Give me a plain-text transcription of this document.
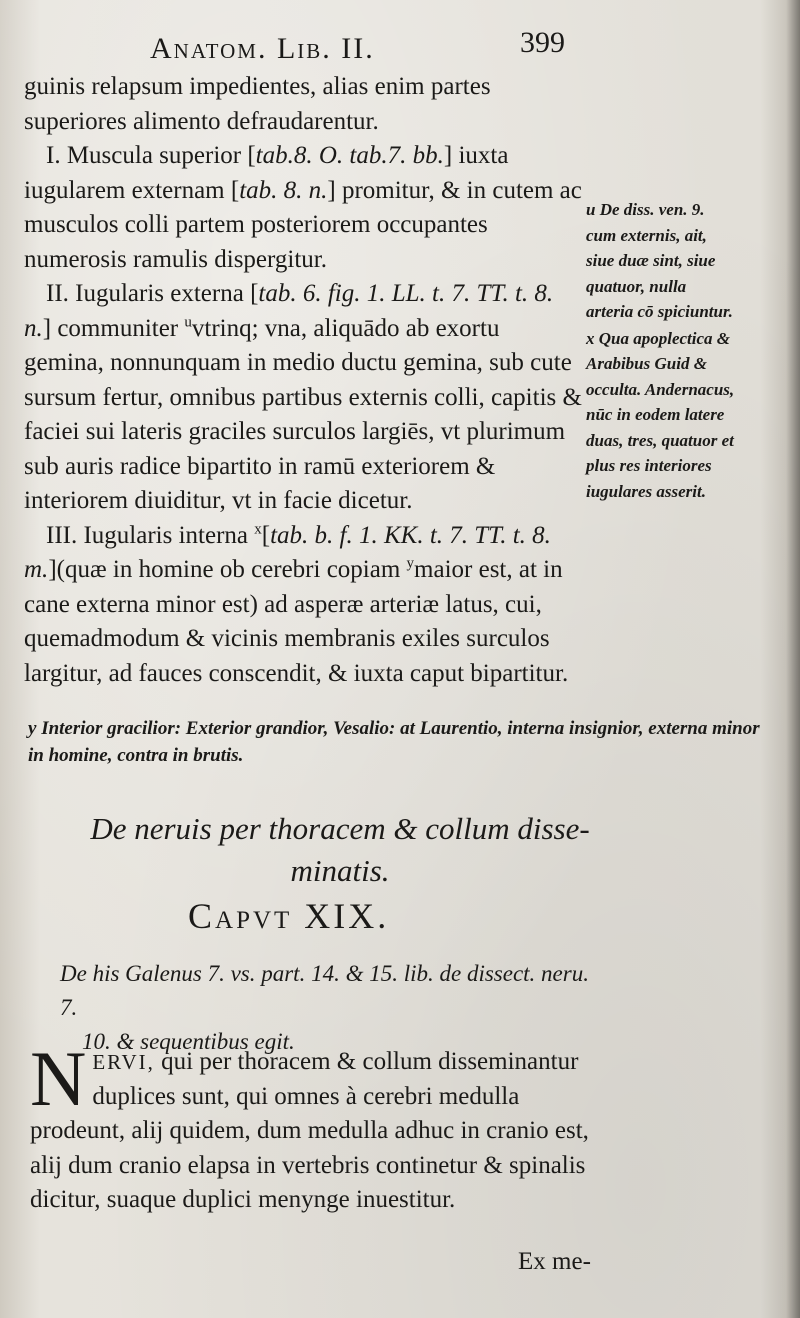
Anatom. Lib. II.	399

guinis relapsum impedientes, alias enim partes superiores alimento defraudarentur.

I. Musculа superior [tab.8. O. tab.7. bb.] iuxta iugularem externam [tab. 8. n.] promitur, & in cutem ac musculos colli partem posteriorem occupantes numerosis ramulis dispergitur.

II. Iugularis externa [tab. 6. fig. 1. LL. t. 7. TT. t. 8. n.] communiter $^u$vtrinq; vna, aliquādo ab exortu gemina, nonnunquam in medio ductu gemina, sub cute sursum fertur, omnibus partibus externis colli, capitis & faciei sui lateris graciles surculos largiēs, vt plurimum sub auris radice bipartito in ramū exteriorem & interiorem diuiditur, vt in facie dicetur.

III. Iugularis interna $^x$[tab. b. f. 1. KK. t. 7. TT. t. 8. m.](quæ in homine ob cerebri copiam $^y$maior est, at in cane externa minor est) ad asperæ arteriæ latus, cui, quemadmodum & vicinis membranis exiles surculos largitur, ad fauces conscendit, & iuxta caput bipartitur.

u De diss. ven. 9. cum externis, ait, siue duæ sint, siue quatuor, nulla arteria cō spiciuntur.

x Qua apoplectica & Arabibus Guid & occulta. Andernacus, nūc in eodem latere duas, tres, quatuor et plus res interiores iugulares asserit.

y Interior gracilior: Exterior grandior, Vesalio: at Laurentio, interna insignior, externa minor in homine, contra in brutis.
De neruis per thoracem & collum disse-
minatis.
Capvt XIX.
De his Galenus 7. vs. part. 14. & 15. lib. de dissect. neru. 7.
10. & sequentibus egit.
N ERVI, qui per thoracem & collum disseminantur duplices sunt, qui omnes à cerebri medulla prodeunt, alij quidem, dum medulla adhuc in cranio est, alij dum cranio elapsa in vertebris continetur & spinalis dicitur, suaque duplici menynge inuestitur.
Ex me-
